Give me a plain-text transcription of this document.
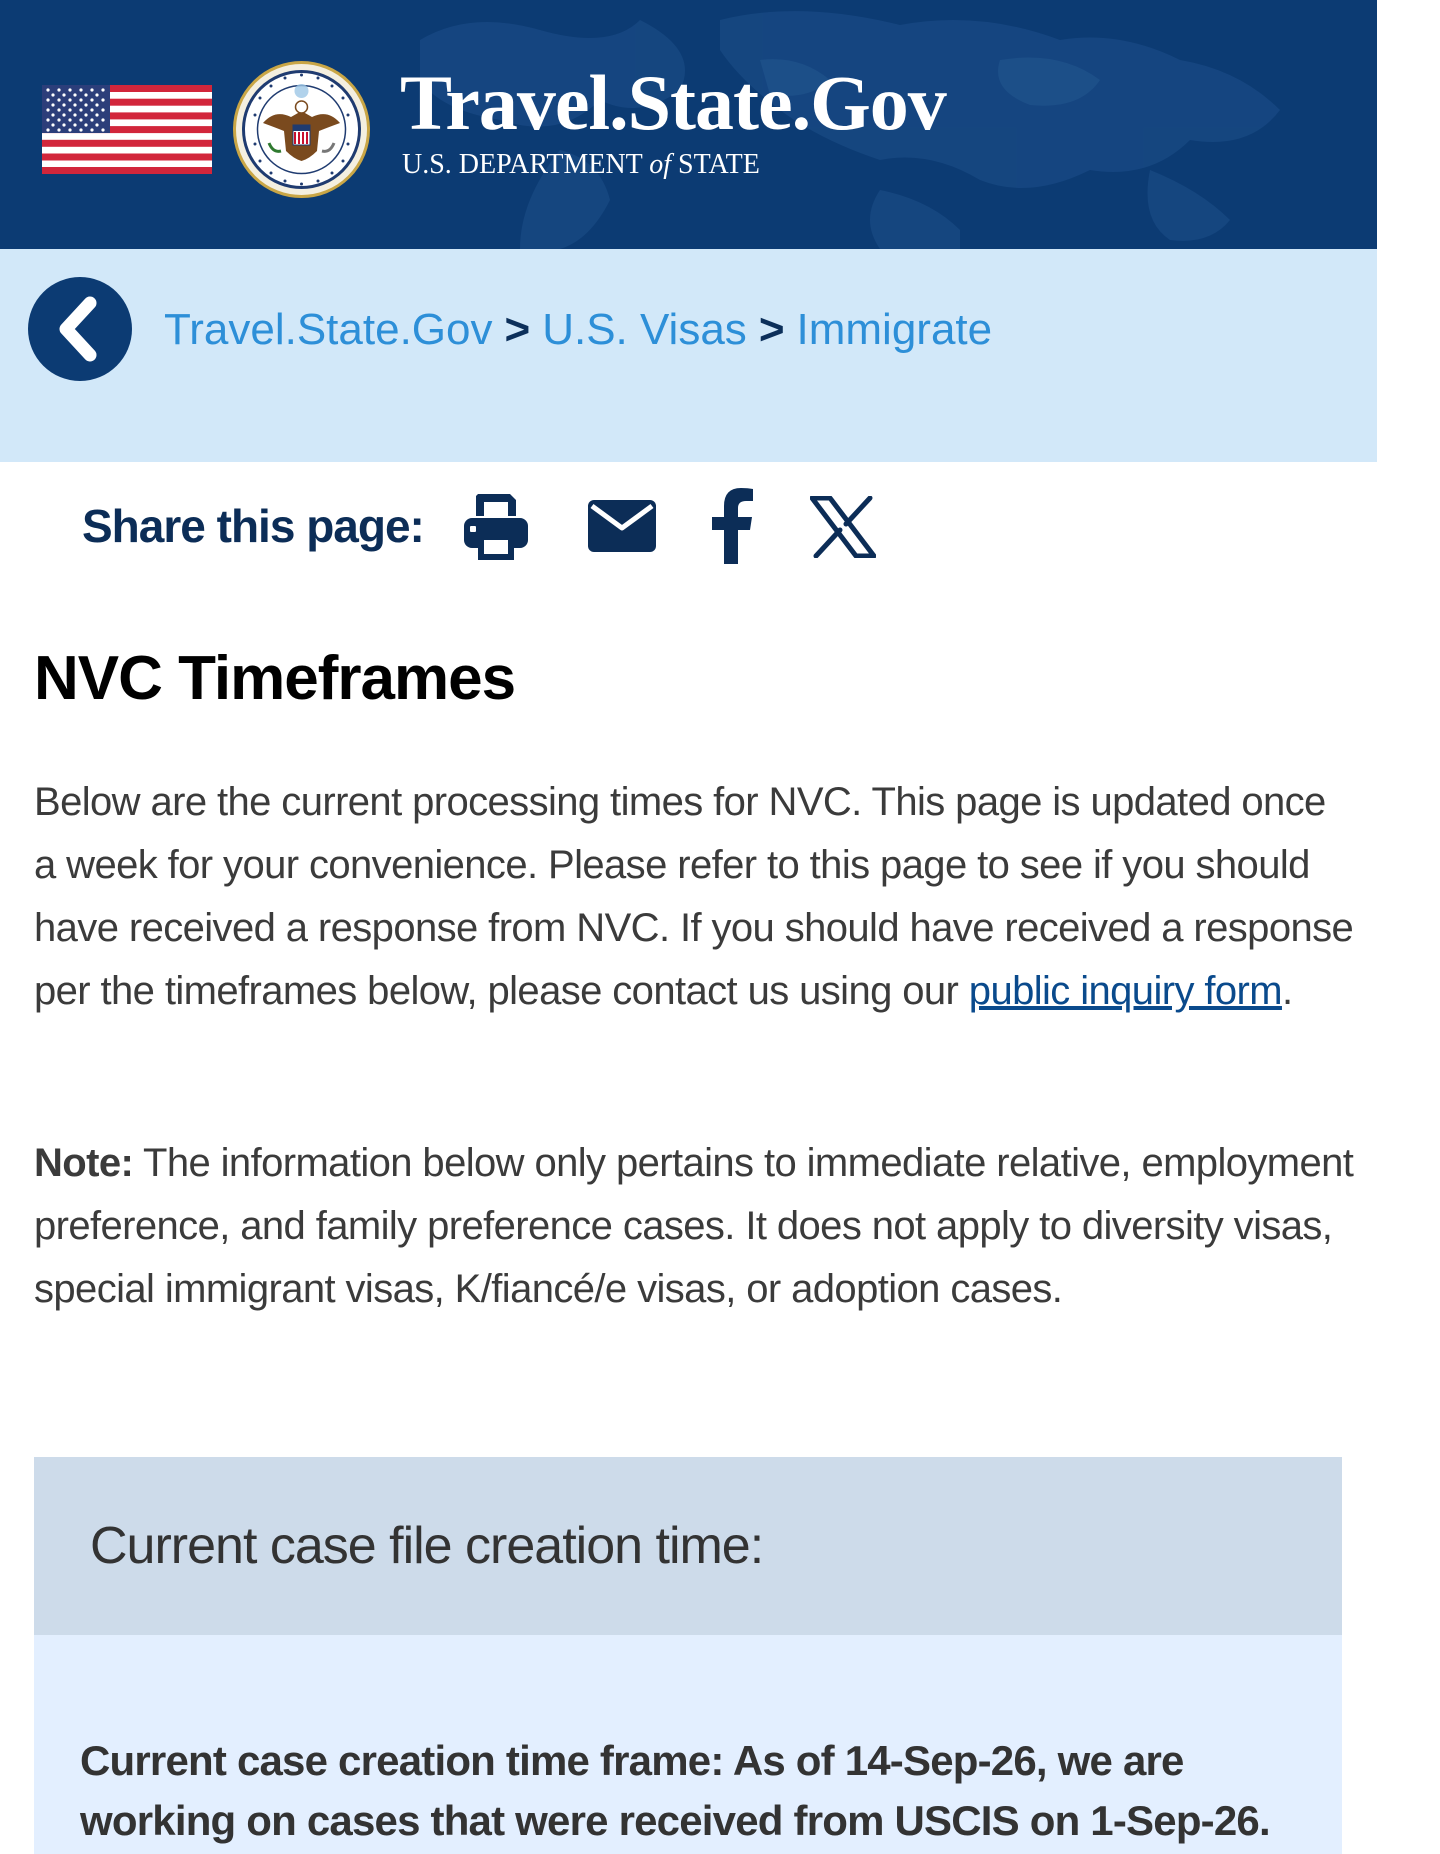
Travel.State.Gov
U.S. DEPARTMENT of STATE
Travel.State.Gov > U.S. Visas > Immigrate
Share this page:
NVC Timeframes

Below are the current processing times for NVC. This page is updated once a week for your convenience. Please refer to this page to see if you should have received a response from NVC. If you should have received a response per the timeframes below, please contact us using our public inquiry form.

Note: The information below only pertains to immediate relative, employment preference, and family preference cases. It does not apply to diversity visas, special immigrant visas, K/fiancé/e visas, or adoption cases.

Current case file creation time:

Current case creation time frame: As of 14-Sep-26, we are working on cases that were received from USCIS on 1-Sep-26.
